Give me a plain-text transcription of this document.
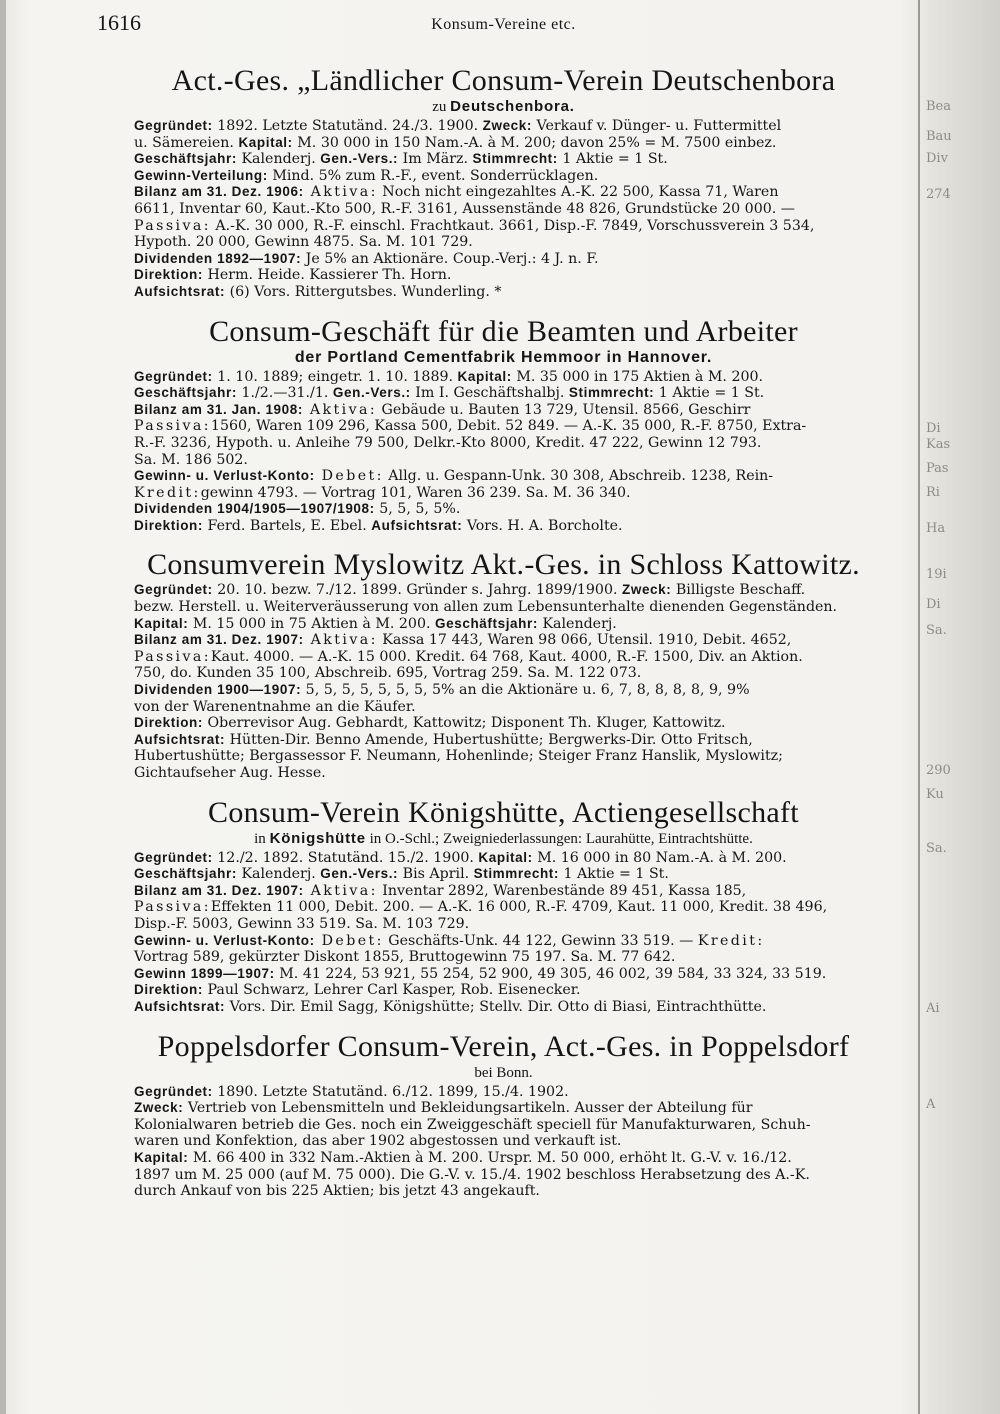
Bea
Bau
Div
274
Di
Kas
Pas
Ri
Ha
19i
Di
Sa.
290
Ku
Sa.
Ai
A
1616	Konsum-Vereine etc.
Act.-Ges. „Ländlicher Consum-Verein Deutschenbora
zu Deutschenbora.

Gegründet: 1892. Letzte Statutänd. 24./3. 1900. Zweck: Verkauf v. Dünger- u. Futtermittel

u. Sämereien. Kapital: M. 30 000 in 150 Nam.-A. à M. 200; davon 25% = M. 7500 einbez.

Geschäftsjahr: Kalenderj. Gen.-Vers.: Im März. Stimmrecht: 1 Aktie = 1 St.

Gewinn-Verteilung: Mind. 5% zum R.-F., event. Sonderrücklagen.

Bilanz am 31. Dez. 1906: Aktiva: Noch nicht eingezahltes A.-K. 22 500, Kassa 71, Waren

6611, Inventar 60, Kaut.-Kto 500, R.-F. 3161, Aussenstände 48 826, Grundstücke 20 000. —

Passiva: A.-K. 30 000, R.-F. einschl. Frachtkaut. 3661, Disp.-F. 7849, Vorschussverein 3 534,

Hypoth. 20 000, Gewinn 4875. Sa. M. 101 729.

Dividenden 1892—1907: Je 5% an Aktionäre. Coup.-Verj.: 4 J. n. F.

Direktion: Herm. Heide. Kassierer Th. Horn.

Aufsichtsrat: (6) Vors. Rittergutsbes. Wunderling. *

Consum-Geschäft für die Beamten und Arbeiter
der Portland Cementfabrik Hemmoor in Hannover.

Gegründet: 1. 10. 1889; eingetr. 1. 10. 1889. Kapital: M. 35 000 in 175 Aktien à M. 200.

Geschäftsjahr: 1./2.—31./1. Gen.-Vers.: Im I. Geschäftshalbj. Stimmrecht: 1 Aktie = 1 St.

Bilanz am 31. Jan. 1908: Aktiva: Gebäude u. Bauten 13 729, Utensil. 8566, Geschirr

Passiva:1560, Waren 109 296, Kassa 500, Debit. 52 849. — A.-K. 35 000, R.-F. 8750, Extra-

R.-F. 3236, Hypoth. u. Anleihe 79 500, Delkr.-Kto 8000, Kredit. 47 222, Gewinn 12 793.

Sa. M. 186 502.

Gewinn- u. Verlust-Konto: Debet: Allg. u. Gespann-Unk. 30 308, Abschreib. 1238, Rein-

Kredit:gewinn 4793. — Vortrag 101, Waren 36 239. Sa. M. 36 340.

Dividenden 1904/1905—1907/1908: 5, 5, 5, 5%.

Direktion: Ferd. Bartels, E. Ebel. Aufsichtsrat: Vors. H. A. Borcholte.

Consumverein Myslowitz Akt.-Ges. in Schloss Kattowitz.

Gegründet: 20. 10. bezw. 7./12. 1899. Gründer s. Jahrg. 1899/1900. Zweck: Billigste Beschaff.

bezw. Herstell. u. Weiterveräusserung von allen zum Lebensunterhalte dienenden Gegenständen.

Kapital: M. 15 000 in 75 Aktien à M. 200. Geschäftsjahr: Kalenderj.

Bilanz am 31. Dez. 1907: Aktiva: Kassa 17 443, Waren 98 066, Utensil. 1910, Debit. 4652,

Passiva:Kaut. 4000. — A.-K. 15 000. Kredit. 64 768, Kaut. 4000, R.-F. 1500, Div. an Aktion.

750, do. Kunden 35 100, Abschreib. 695, Vortrag 259. Sa. M. 122 073.

Dividenden 1900—1907: 5, 5, 5, 5, 5, 5, 5, 5% an die Aktionäre u. 6, 7, 8, 8, 8, 8, 9, 9%

von der Warenentnahme an die Käufer.

Direktion: Oberrevisor Aug. Gebhardt, Kattowitz; Disponent Th. Kluger, Kattowitz.

Aufsichtsrat: Hütten-Dir. Benno Amende, Hubertushütte; Bergwerks-Dir. Otto Fritsch,

Hubertushütte; Bergassessor F. Neumann, Hohenlinde; Steiger Franz Hanslik, Myslowitz;

Gichtaufseher Aug. Hesse.

Consum-Verein Königshütte, Actiengesellschaft
in Königshütte in O.-Schl.; Zweigniederlassungen: Laurahütte, Eintrachtshütte.

Gegründet: 12./2. 1892. Statutänd. 15./2. 1900. Kapital: M. 16 000 in 80 Nam.-A. à M. 200.

Geschäftsjahr: Kalenderj. Gen.-Vers.: Bis April. Stimmrecht: 1 Aktie = 1 St.

Bilanz am 31. Dez. 1907: Aktiva: Inventar 2892, Warenbestände 89 451, Kassa 185,

Passiva:Effekten 11 000, Debit. 200. — A.-K. 16 000, R.-F. 4709, Kaut. 11 000, Kredit. 38 496,

Disp.-F. 5003, Gewinn 33 519. Sa. M. 103 729.

Gewinn- u. Verlust-Konto: Debet: Geschäfts-Unk. 44 122, Gewinn 33 519. — Kredit:

Vortrag 589, gekürzter Diskont 1855, Bruttogewinn 75 197. Sa. M. 77 642.

Gewinn 1899—1907: M. 41 224, 53 921, 55 254, 52 900, 49 305, 46 002, 39 584, 33 324, 33 519.

Direktion: Paul Schwarz, Lehrer Carl Kasper, Rob. Eisenecker.

Aufsichtsrat: Vors. Dir. Emil Sagg, Königshütte; Stellv. Dir. Otto di Biasi, Eintrachthütte.

Poppelsdorfer Consum-Verein, Act.-Ges. in Poppelsdorf
bei Bonn.

Gegründet: 1890. Letzte Statutänd. 6./12. 1899, 15./4. 1902.

Zweck: Vertrieb von Lebensmitteln und Bekleidungsartikeln. Ausser der Abteilung für

Kolonialwaren betrieb die Ges. noch ein Zweiggeschäft speciell für Manufakturwaren, Schuh-

waren und Konfektion, das aber 1902 abgestossen und verkauft ist.

Kapital: M. 66 400 in 332 Nam.-Aktien à M. 200. Urspr. M. 50 000, erhöht lt. G.-V. v. 16./12.

1897 um M. 25 000 (auf M. 75 000). Die G.-V. v. 15./4. 1902 beschloss Herabsetzung des A.-K.

durch Ankauf von bis 225 Aktien; bis jetzt 43 angekauft.
